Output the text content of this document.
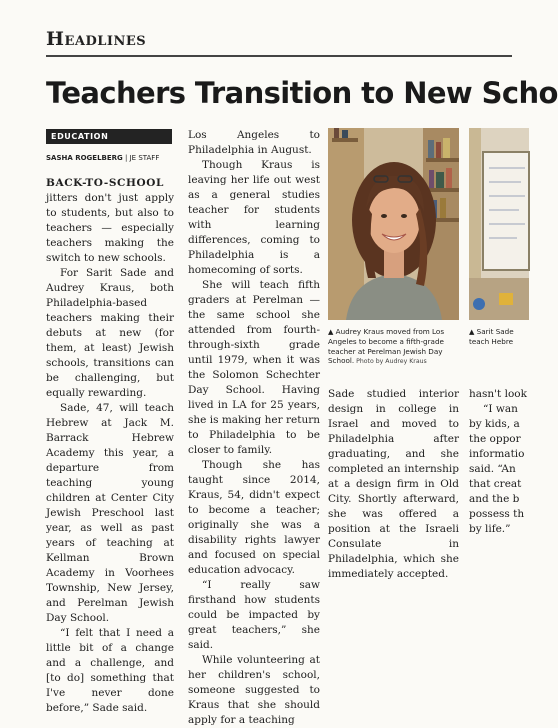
Headlines
Teachers Transition to New Scho
EDUCATION
SASHA ROGELBERG | JE STAFF

BACK-TO-SCHOOL jitters don't just apply to students, but also to teachers — especially teachers making the switch to new schools.

For Sarit Sade and Audrey Kraus, both Philadelphia-based teachers making their debuts at new (for them, at least) Jewish schools, transitions can be challenging, but equally rewarding.

Sade, 47, will teach Hebrew at Jack M. Barrack Hebrew Academy this year, a departure from teaching young children at Center City Jewish Preschool last year, as well as past years of teaching at Kellman Brown Academy in Voorhees Township, New Jersey, and Perelman Jewish Day School.

“I felt that I need a little bit of a change and a challenge, and [to do] something that I've never done before,” Sade said.

Los Angeles to Philadelphia in August.

Though Kraus is leaving her life out west as a general studies teacher for students with learning differences, coming to Philadelphia is a homecoming of sorts.

She will teach fifth graders at Perelman — the same school she attended from fourth-through-sixth grade until 1979, when it was the Solomon Schechter Day School. Having lived in LA for 25 years, she is making her return to Philadelphia to be closer to family.

Though she has taught since 2014, Kraus, 54, didn't expect to become a teacher; originally she was a disability rights lawyer and focused on special education advocacy.

“I really saw firsthand how students could be impacted by great teachers,” she said.

While volunteering at her children's school, someone suggested to Kraus that she should apply for a teaching

▲ Audrey Kraus moved from Los Angeles to become a fifth-grade teacher at Perelman Jewish Day School. Photo by Audrey Kraus
▲ Sarit Sade
teach Hebre

Sade studied interior design in college in Israel and moved to Philadelphia after graduating, and she completed an internship at a design firm in Old City. Shortly afterward, she was offered a position at the Israeli Consulate in Philadelphia, which she immediately accepted.

hasn't look

“I wan

by kids, a

the oppor

informatio

said. “An

that creat

and the b

possess th

by life.”
